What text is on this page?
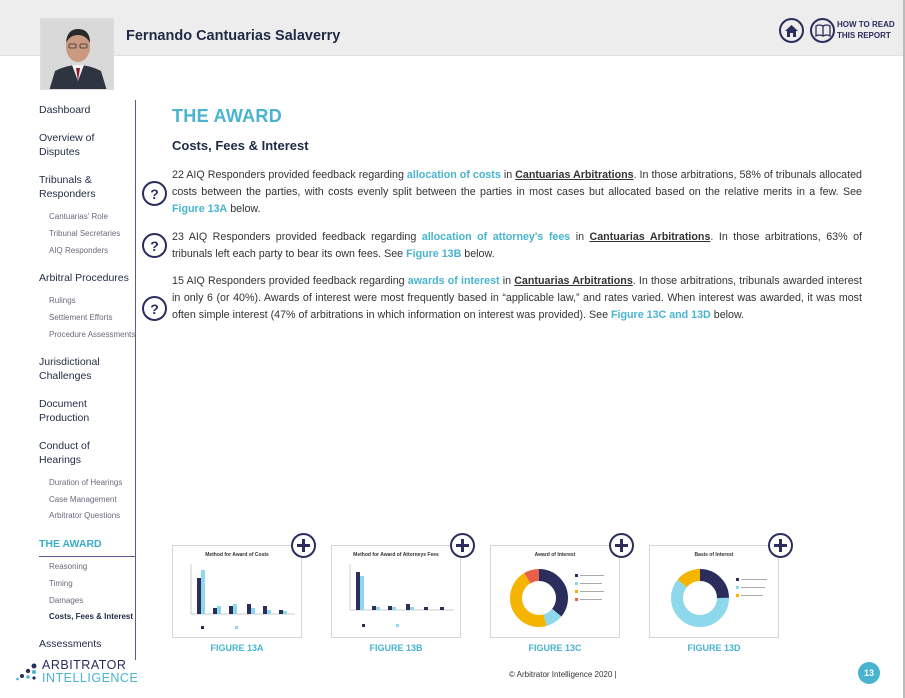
Fernando Cantuarias Salaverry
HOW TO READ
THIS REPORT
Dashboard
Overview of Disputes
Tribunals & Responders
Cantuarias' Role
Tribunal Secretaries
AIQ Responders
Arbitral Procedures
Rulings
Settlement Efforts
Procedure Assessments
Jurisdictional Challenges
Document Production
Conduct of Hearings
Duration of Hearings
Case Management
Arbitrator Questions
THE AWARD
Reasoning
Timing
Damages
Costs, Fees & Interest
Assessments
THE AWARD
Costs, Fees & Interest
?
22 AIQ Responders provided feedback regarding allocation of costs in Cantuarias Arbitrations. In those arbitrations, 58% of tribunals allocated costs between the parties, with costs evenly split between the parties in most cases but allocated based on the relative merits in a few. See Figure 13A below.
?
23 AIQ Responders provided feedback regarding allocation of attorney's fees in Cantuarias Arbitrations. In those arbitrations, 63% of tribunals left each party to bear its own fees. See Figure 13B below.
?
15 AIQ Responders provided feedback regarding awards of interest in Cantuarias Arbitrations. In those arbitrations, tribunals awarded interest in only 6 (or 40%). Awards of interest were most frequently based in “applicable law,” and rates varied. When interest was awarded, it was most often simple interest (47% of arbitrations in which information on interest was provided). See Figure 13C and 13D below.
Method for Award of Costs
FIGURE 13A
Method for Award of Attorneys Fees
FIGURE 13B
Award of Interest
FIGURE 13C
Basis of Interest
FIGURE 13D
ARBITRATOR
INTELLIGENCE	© Arbitrator Intelligence 2020 |	13
